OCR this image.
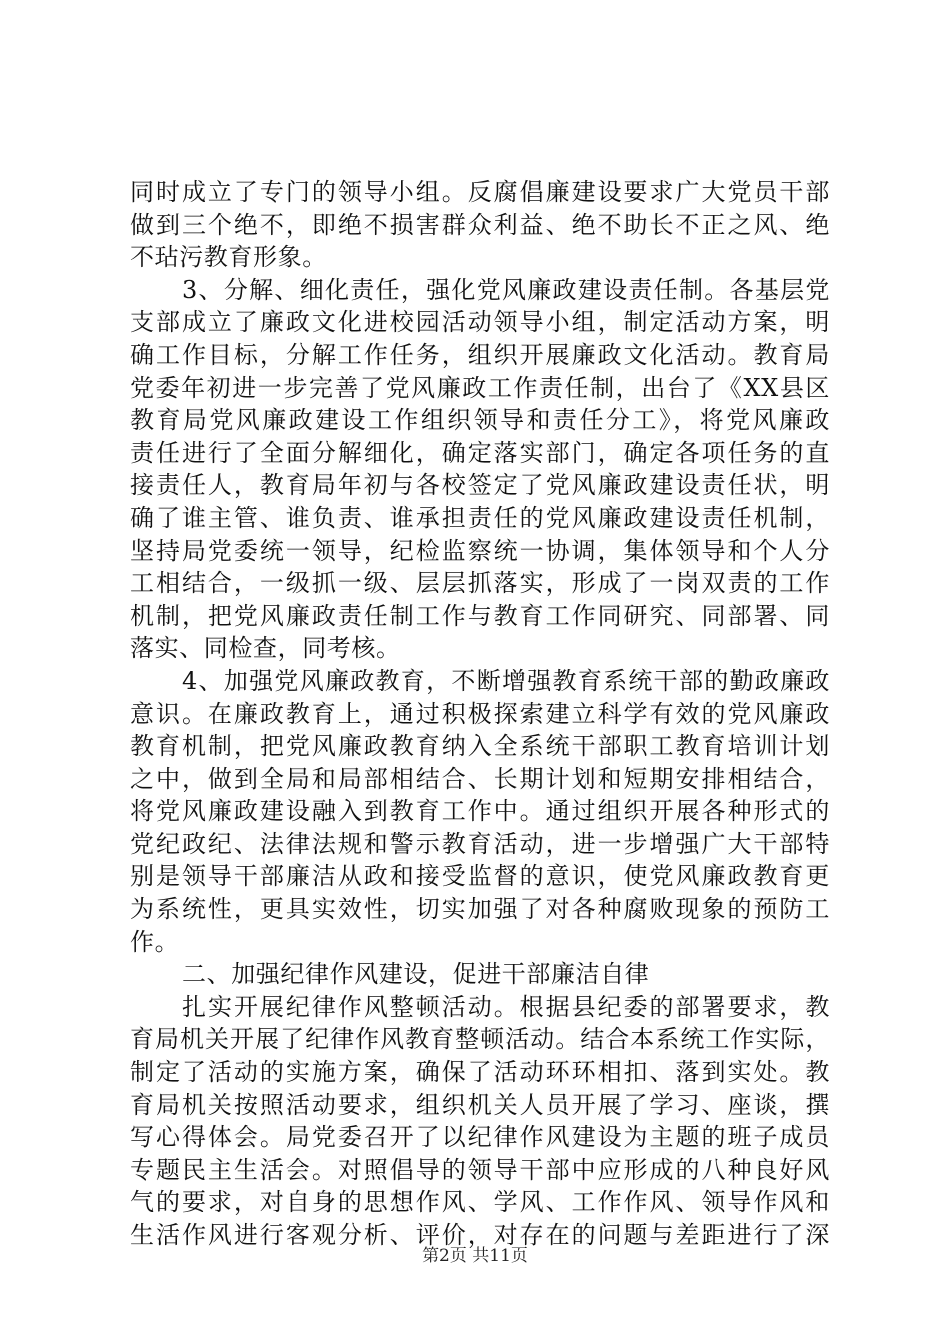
同时成立了专门的领导小组。反腐倡廉建设要求广大党员干部
做到三个绝不，即绝不损害群众利益、绝不助长不正之风、绝
不玷污教育形象。
3、分解、细化责任，强化党风廉政建设责任制。各基层党
支部成立了廉政文化进校园活动领导小组，制定活动方案，明
确工作目标，分解工作任务，组织开展廉政文化活动。教育局
党委年初进一步完善了党风廉政工作责任制，出台了《XX县区
教育局党风廉政建设工作组织领导和责任分工》，将党风廉政
责任进行了全面分解细化，确定落实部门，确定各项任务的直
接责任人，教育局年初与各校签定了党风廉政建设责任状，明
确了谁主管、谁负责、谁承担责任的党风廉政建设责任机制，
坚持局党委统一领导，纪检监察统一协调，集体领导和个人分
工相结合，一级抓一级、层层抓落实，形成了一岗双责的工作
机制，把党风廉政责任制工作与教育工作同研究、同部署、同
落实、同检查，同考核。
4、加强党风廉政教育，不断增强教育系统干部的勤政廉政
意识。在廉政教育上，通过积极探索建立科学有效的党风廉政
教育机制，把党风廉政教育纳入全系统干部职工教育培训计划
之中，做到全局和局部相结合、长期计划和短期安排相结合，
将党风廉政建设融入到教育工作中。通过组织开展各种形式的
党纪政纪、法律法规和警示教育活动，进一步增强广大干部特
别是领导干部廉洁从政和接受监督的意识，使党风廉政教育更
为系统性，更具实效性，切实加强了对各种腐败现象的预防工
作。
二、加强纪律作风建设，促进干部廉洁自律
扎实开展纪律作风整顿活动。根据县纪委的部署要求，教
育局机关开展了纪律作风教育整顿活动。结合本系统工作实际，
制定了活动的实施方案，确保了活动环环相扣、落到实处。教
育局机关按照活动要求，组织机关人员开展了学习、座谈，撰
写心得体会。局党委召开了以纪律作风建设为主题的班子成员
专题民主生活会。对照倡导的领导干部中应形成的八种良好风
气的要求，对自身的思想作风、学风、工作作风、领导作风和
生活作风进行客观分析、评价，对存在的问题与差距进行了深
第2页 共11页
